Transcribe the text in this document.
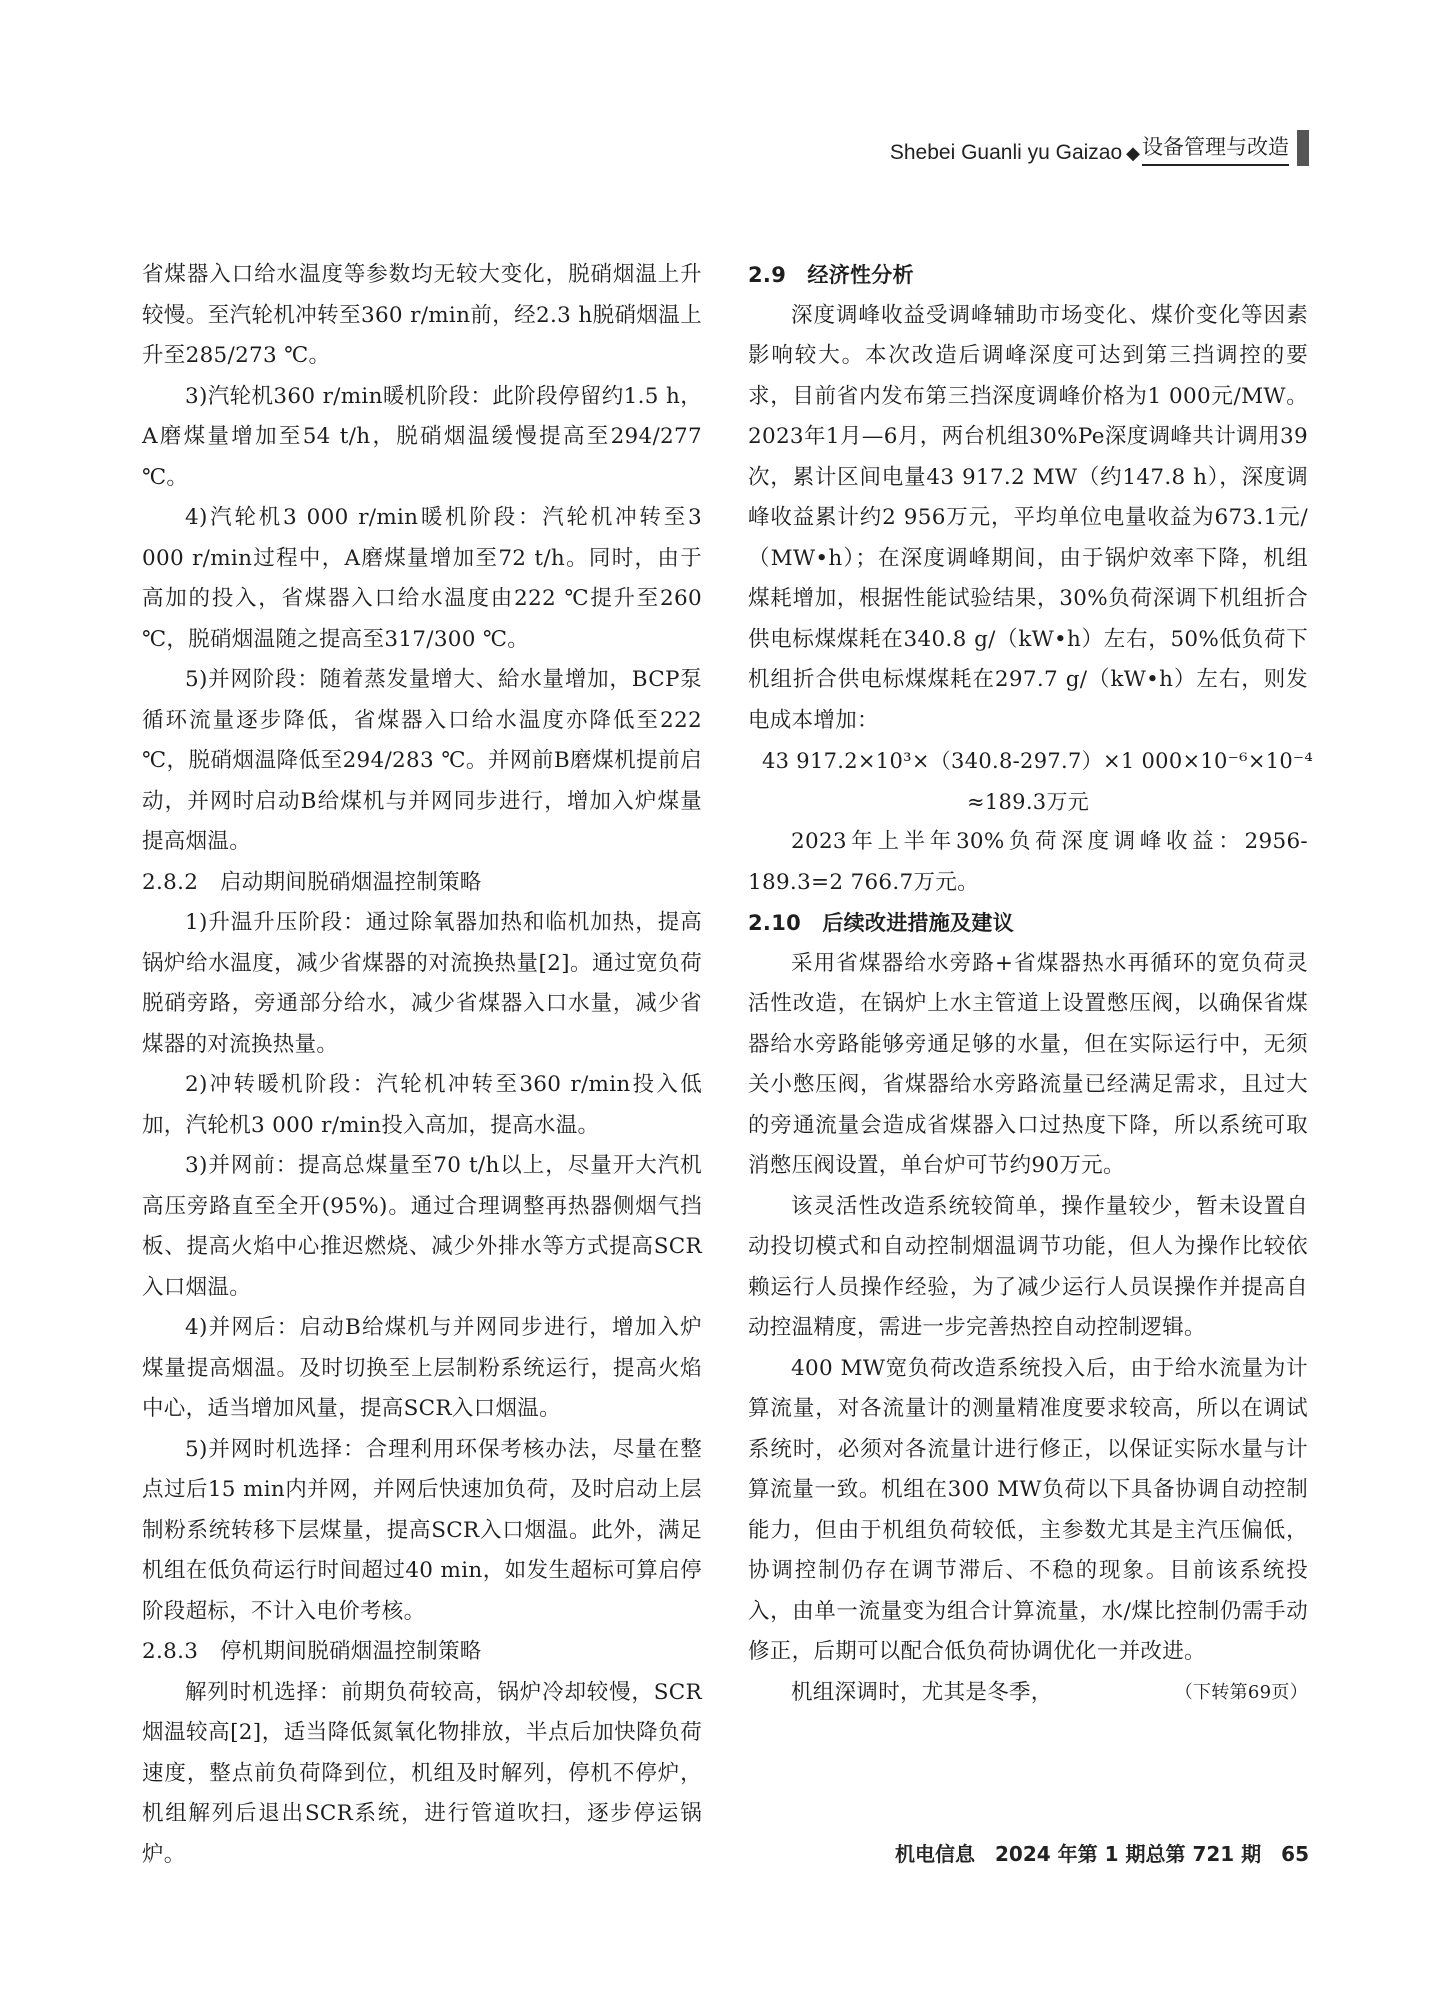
Shebei Guanli yu Gaizao ◆ 设备管理与改造
省煤器入口给水温度等参数均无较大变化，脱硝烟温上升较慢。至汽轮机冲转至360 r/min前，经2.3 h脱硝烟温上升至285/273 ℃。
3)汽轮机360 r/min暖机阶段：此阶段停留约1.5 h，A磨煤量增加至54 t/h，脱硝烟温缓慢提高至294/277 ℃。
4)汽轮机3 000 r/min暖机阶段：汽轮机冲转至3 000 r/min过程中，A磨煤量增加至72 t/h。同时，由于高加的投入，省煤器入口给水温度由222 ℃提升至260 ℃，脱硝烟温随之提高至317/300 ℃。
5)并网阶段：随着蒸发量增大、給水量增加，BCP泵循环流量逐步降低，省煤器入口给水温度亦降低至222 ℃，脱硝烟温降低至294/283 ℃。并网前B磨煤机提前启动，并网时启动B给煤机与并网同步进行，增加入炉煤量提高烟温。
2.8.2　启动期间脱硝烟温控制策略
1)升温升压阶段：通过除氧器加热和临机加热，提高锅炉给水温度，减少省煤器的对流换热量[2]。通过宽负荷脱硝旁路，旁通部分给水，减少省煤器入口水量，减少省煤器的对流换热量。
2)冲转暖机阶段：汽轮机冲转至360 r/min投入低加，汽轮机3 000 r/min投入高加，提高水温。
3)并网前：提高总煤量至70 t/h以上，尽量开大汽机高压旁路直至全开(95%)。通过合理调整再热器侧烟气挡板、提高火焰中心推迟燃烧、减少外排水等方式提高SCR入口烟温。
4)并网后：启动B给煤机与并网同步进行，增加入炉煤量提高烟温。及时切换至上层制粉系统运行，提高火焰中心，适当增加风量，提高SCR入口烟温。
5)并网时机选择：合理利用环保考核办法，尽量在整点过后15 min内并网，并网后快速加负荷，及时启动上层制粉系统转移下层煤量，提高SCR入口烟温。此外，满足机组在低负荷运行时间超过40 min，如发生超标可算启停阶段超标，不计入电价考核。
2.8.3　停机期间脱硝烟温控制策略
解列时机选择：前期负荷较高，锅炉冷却较慢，SCR烟温较高[2]，适当降低氮氧化物排放，半点后加快降负荷速度，整点前负荷降到位，机组及时解列，停机不停炉，机组解列后退出SCR系统，进行管道吹扫，逐步停运锅炉。
2.9　经济性分析
深度调峰收益受调峰辅助市场变化、煤价变化等因素影响较大。本次改造后调峰深度可达到第三挡调控的要求，目前省内发布第三挡深度调峰价格为1 000元/MW。2023年1月—6月，两台机组30%Pe深度调峰共计调用39次，累计区间电量43 917.2 MW（约147.8 h），深度调峰收益累计约2 956万元，平均单位电量收益为673.1元/（MW•h）；在深度调峰期间，由于锅炉效率下降，机组煤耗增加，根据性能试验结果，30%负荷深调下机组折合供电标煤煤耗在340.8 g/（kW•h）左右，50%低负荷下机组折合供电标煤煤耗在297.7 g/（kW•h）左右，则发电成本增加：
43 917.2×10³×（340.8-297.7）×1 000×10⁻⁶×10⁻⁴
≈189.3万元
2023年上半年30%负荷深度调峰收益：2956-189.3=2 766.7万元。
2.10　后续改进措施及建议
采用省煤器给水旁路+省煤器热水再循环的宽负荷灵活性改造，在锅炉上水主管道上设置憋压阀，以确保省煤器给水旁路能够旁通足够的水量，但在实际运行中，无须关小憋压阀，省煤器给水旁路流量已经满足需求，且过大的旁通流量会造成省煤器入口过热度下降，所以系统可取消憋压阀设置，单台炉可节约90万元。
该灵活性改造系统较简单，操作量较少，暂未设置自动投切模式和自动控制烟温调节功能，但人为操作比较依赖运行人员操作经验，为了减少运行人员误操作并提高自动控温精度，需进一步完善热控自动控制逻辑。
400 MW宽负荷改造系统投入后，由于给水流量为计算流量，对各流量计的测量精准度要求较高，所以在调试系统时，必须对各流量计进行修正，以保证实际水量与计算流量一致。机组在300 MW负荷以下具备协调自动控制能力，但由于机组负荷较低，主参数尤其是主汽压偏低，协调控制仍存在调节滞后、不稳的现象。目前该系统投入，由单一流量变为组合计算流量，水/煤比控制仍需手动修正，后期可以配合低负荷协调优化一并改进。
机组深调时，尤其是冬季，	（下转第69页）
机电信息　2024 年第 1 期总第 721 期　65
